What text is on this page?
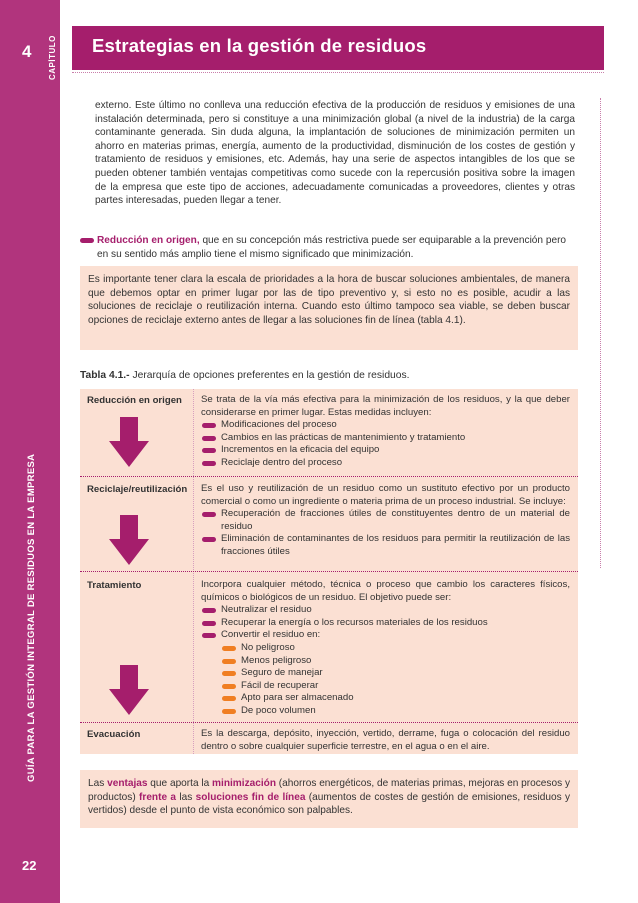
4 CAPÍTULO
GUÍA PARA LA GESTIÓN INTEGRAL DE RESIDUOS EN LA EMPRESA
22
Estrategias en la gestión de residuos
externo. Este último no conlleva una reducción efectiva de la producción de residuos y emisiones de una instalación determinada, pero si constituye a una minimización global (a nivel de la industria) de la carga contaminante generada. Sin duda alguna, la implantación de soluciones de minimización permiten un ahorro en materias primas, energía, aumento de la productividad, disminución de los costes de gestión y tratamiento de residuos y emisiones, etc. Además, hay una serie de aspectos intangibles de los que se pueden obtener también ventajas competitivas como sucede con la repercusión positiva sobre la imagen de la empresa que este tipo de acciones, adecuadamente comunicadas a proveedores, clientes y otras partes interesadas, pueden llegar a tener.
Reducción en origen, que en su concepción más restrictiva puede ser equiparable a la prevención pero en su sentido más amplio tiene el mismo significado que minimización.

Es importante tener clara la escala de prioridades a la hora de buscar soluciones ambientales, de manera que debemos optar en primer lugar por las de tipo preventivo y, si esto no es posible, acudir a las soluciones de reciclaje o reutilización interna. Cuando esto último tampoco sea viable, se deben buscar opciones de reciclaje externo antes de llegar a las soluciones fin de línea (tabla 4.1).

Tabla 4.1.- Jerarquía de opciones preferentes en la gestión de residuos.
Reducción en origen Se trata de la vía más efectiva para la minimización de los residuos, y la que deber considerarse en primer lugar. Estas medidas incluyen:
Modificaciones del proceso
Cambios en las prácticas de mantenimiento y tratamiento
Incrementos en la eficacia del equipo
Reciclaje dentro del proceso
Reciclaje/reutilización Es el uso y reutilización de un residuo como un sustituto efectivo por un producto comercial o como un ingrediente o materia prima de un proceso industrial. Se incluye:
Recuperación de fracciones útiles de constituyentes dentro de un material de residuo
Eliminación de contaminantes de los residuos para permitir la reutilización de las fracciones útiles
Tratamiento	Incorpora cualquier método, técnica o proceso que cambio los caracteres físicos, químicos o biológicos de un residuo. El objetivo puede ser:
Neutralizar el residuo
Recuperar la energía o los recursos materiales de los residuos
Convertir el residuo en:
No peligroso
Menos peligroso
Seguro de manejar
Fácil de recuperar
Apto para ser almacenado
De poco volumen
Evacuación	Es la descarga, depósito, inyección, vertido, derrame, fuga o colocación del residuo dentro o sobre cualquier superficie terrestre, en el agua o en el aire.

Las ventajas que aporta la minimización (ahorros energéticos, de materias primas, mejoras en procesos y productos) frente a las soluciones fin de línea (aumentos de costes de gestión de emisiones, residuos y vertidos) desde el punto de vista económico son palpables.
